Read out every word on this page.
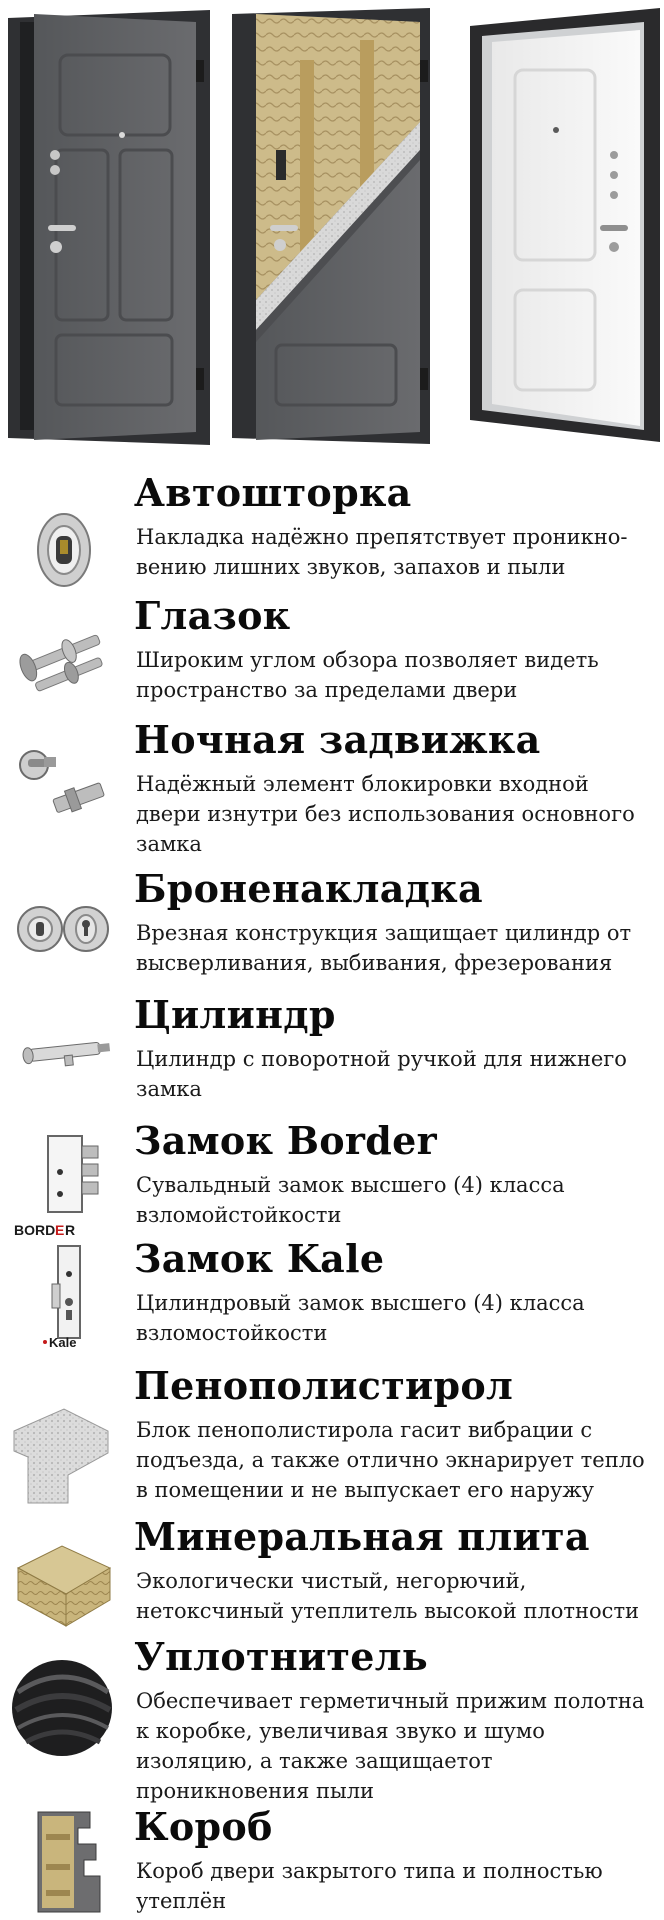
Автошторка
Накладка надёжно препятствует проникно-вению лишних звуков, запахов и пыли
Глазок
Широким углом обзора позволяет видеть пространство за пределами двери
Ночная задвижка
Надёжный элемент блокировки входной двери изнутри без использования основного замка
Броненакладка
Врезная конструкция защищает цилиндр от высверливания, выбивания, фрезерования
Цилиндр
Цилиндр с поворотной ручкой для нижнего замка
BORD E R
Замок Border
Сувальдный замок высшего (4) класса взломойстойкости
Kale
Замок Kale
Цилиндровый замок высшего (4) класса взломостойкости
Пенополистирол
Блок пенополистирола гасит вибрации с подъезда, а также отлично экнарирует тепло в помещении и не выпускает его наружу
Минеральная плита
Экологически чистый, негорючий, нетоксчиный утеплитель высокой плотности
Уплотнитель
Обеспечивает герметичный прижим полотна к коробке, увеличивая звуко и шумо изоляцию, а также защищаетот проникновения пыли
Короб
Короб двери закрытого типа и полностью утеплён
